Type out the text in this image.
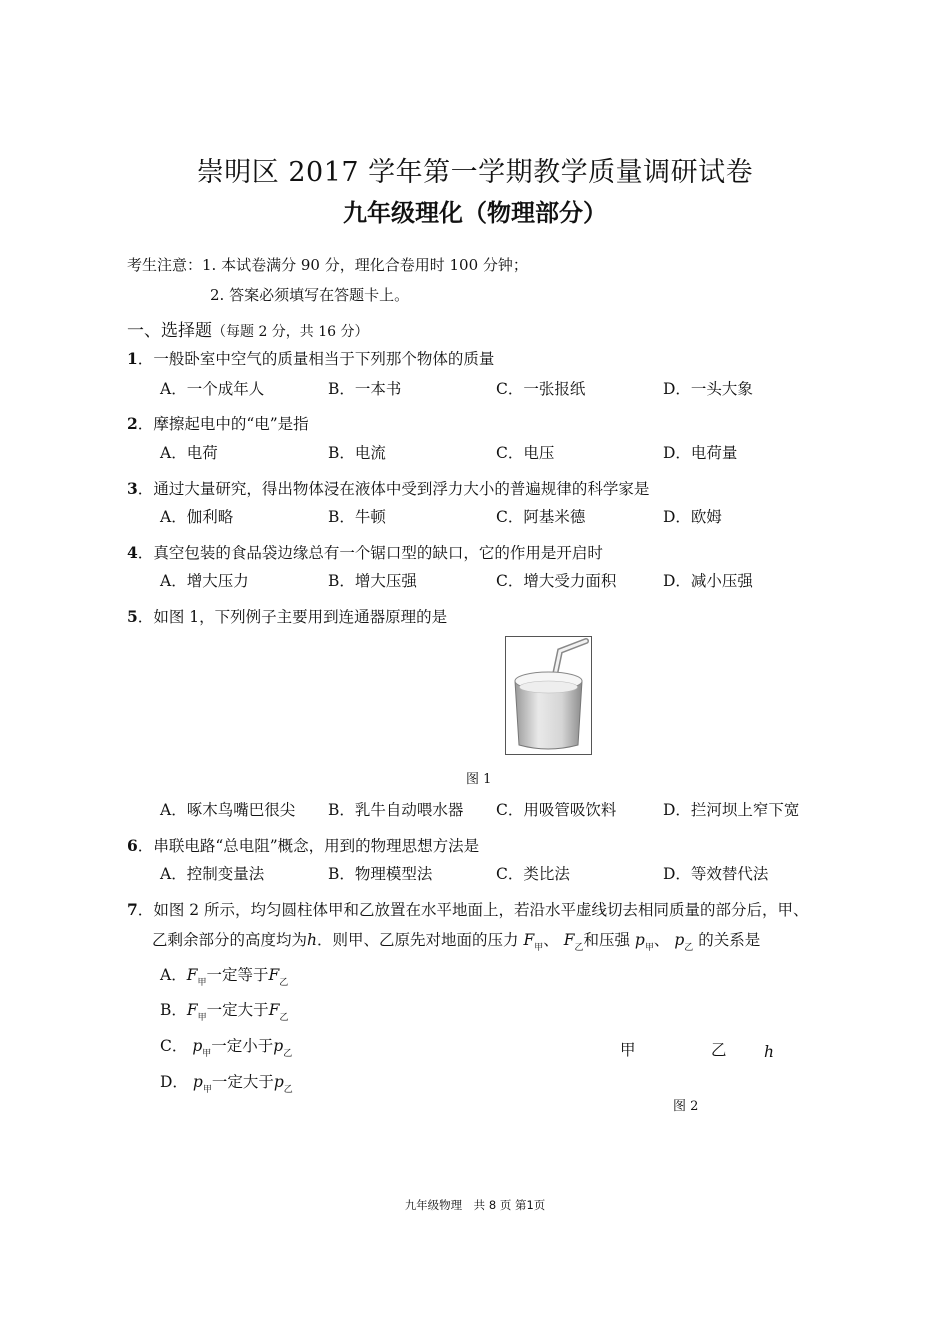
崇明区 2017 学年第一学期教学质量调研试卷
九年级理化（物理部分）
考生注意：1. 本试卷满分 90 分，理化合卷用时 100 分钟；
2. 答案必须填写在答题卡上。
一、选择题（每题 2 分，共 16 分）
1．一般卧室中空气的质量相当于下列那个物体的质量
A．一个成年人	B．一本书	C．一张报纸	D．一头大象
2．摩擦起电中的“电”是指
A．电荷	B．电流	C．电压	D．电荷量
3．通过大量研究，得出物体浸在液体中受到浮力大小的普遍规律的科学家是
A．伽利略	B．牛顿	C．阿基米德	D．欧姆
4．真空包装的食品袋边缘总有一个锯口型的缺口，它的作用是开启时
A．增大压力	B．增大压强	C．增大受力面积	D．减小压强
5．如图 1，下列例子主要用到连通器原理的是
图 1
A．啄木鸟嘴巴很尖 B．乳牛自动喂水器 C．用吸管吸饮料	D．拦河坝上窄下宽
6．串联电路“总电阻”概念，用到的物理思想方法是
A．控制变量法	B．物理模型法	C．类比法	D．等效替代法
7．如图 2 所示，均匀圆柱体甲和乙放置在水平地面上，若沿水平虚线切去相同质量的部分后，甲、
乙剩余部分的高度均为h．则甲、乙原先对地面的压力 $F_甲$、 $F_乙$和压强 $p_甲$、 $p_乙$ 的关系是
A．$F_甲$一定等于$F_乙$
B．$F_甲$一定大于$F_乙$
C． $p_甲$一定小于$p_乙$
D． $p_甲$一定大于$p_乙$
甲	乙 h
图 2
九年级物理　共 8 页 第1页
